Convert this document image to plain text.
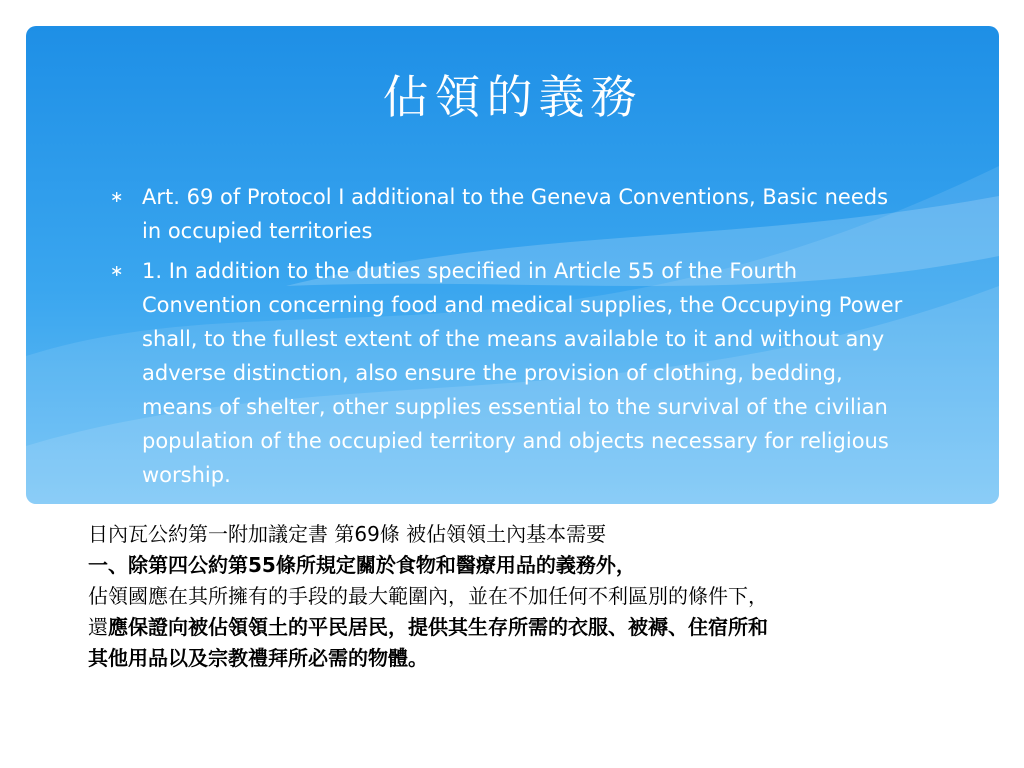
佔領的義務
∗ Art. 69 of Protocol I additional to the Geneva Conventions, Basic needs in occupied territories
∗ 1. In addition to the duties specified in Article 55 of the Fourth Convention concerning food and medical supplies, the Occupying Power shall, to the fullest extent of the means available to it and without any adverse distinction, also ensure the provision of clothing, bedding, means of shelter, other supplies essential to the survival of the civilian population of the occupied territory and objects necessary for religious worship.

日內瓦公約第一附加議定書 第69條 被佔領領土內基本需要

一、除第四公約第55條所規定關於食物和醫療用品的義務外，

佔領國應在其所擁有的手段的最大範圍內，並在不加任何不利區別的條件下，

還應保證向被佔領領土的平民居民，提供其生存所需的衣服、被褥、住宿所和

其他用品以及宗教禮拜所必需的物體。
